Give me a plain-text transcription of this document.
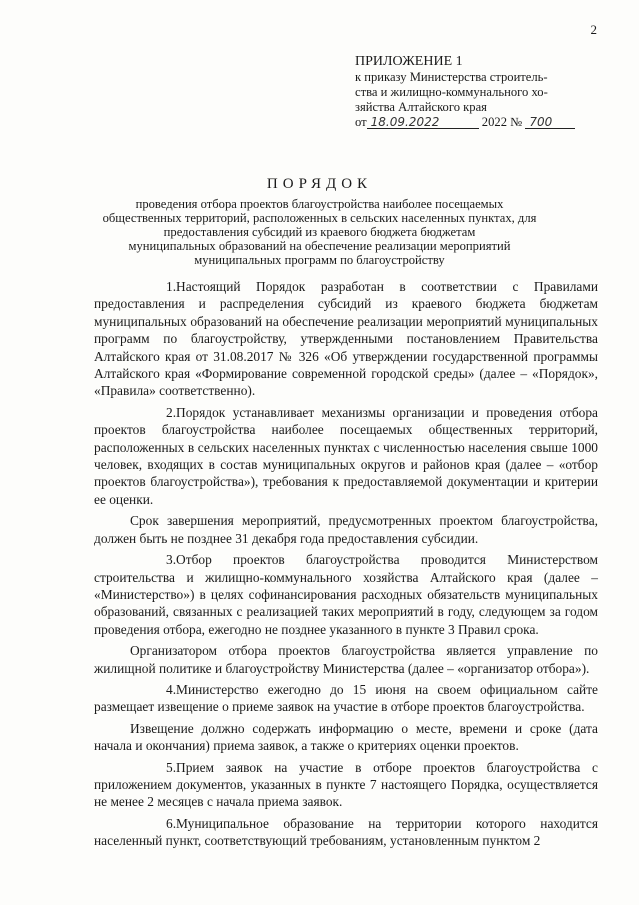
2
ПРИЛОЖЕНИЕ 1
к приказу Министерства строитель-
ства и жилищно-коммунального хо-
зяйства Алтайского края
от 18.09.2022	2022 № 700
ПОРЯДОК
проведения отбора проектов благоустройства наиболее посещаемых
общественных территорий, расположенных в сельских населенных пунктах, для
предоставления субсидий из краевого бюджета бюджетам
муниципальных образований на обеспечение реализации мероприятий
муниципальных программ по благоустройству

1.Настоящий Порядок разработан в соответствии с Правилами предоставления и распределения субсидий из краевого бюджета бюджетам муниципальных образований на обеспечение реализации мероприятий муниципальных программ по благоустройству, утвержденными постановлением Правительства Алтайского края от 31.08.2017 № 326 «Об утверждении государственной программы Алтайского края «Формирование современной городской среды» (далее – «Порядок», «Правила» соответственно).

2.Порядок устанавливает механизмы организации и проведения отбора проектов благоустройства наиболее посещаемых общественных территорий, расположенных в сельских населенных пунктах с численностью населения свыше 1000 человек, входящих в состав муниципальных округов и районов края (далее – «отбор проектов благоустройства»), требования к предоставляемой документации и критерии ее оценки.

Срок завершения мероприятий, предусмотренных проектом благоустройства, должен быть не позднее 31 декабря года предоставления субсидии.

3.Отбор проектов благоустройства проводится Министерством строительства и жилищно-коммунального хозяйства Алтайского края (далее – «Министерство») в целях софинансирования расходных обязательств муниципальных образований, связанных с реализацией таких мероприятий в году, следующем за годом проведения отбора, ежегодно не позднее указанного в пункте 3 Правил срока.

Организатором отбора проектов благоустройства является управление по жилищной политике и благоустройству Министерства (далее – «организатор отбора»).

4.Министерство ежегодно до 15 июня на своем официальном сайте размещает извещение о приеме заявок на участие в отборе проектов благоустройства.

Извещение должно содержать информацию о месте, времени и сроке (дата начала и окончания) приема заявок, а также о критериях оценки проектов.

5.Прием заявок на участие в отборе проектов благоустройства с приложением документов, указанных в пункте 7 настоящего Порядка, осуществляется не менее 2 месяцев с начала приема заявок.

6.Муниципальное образование на территории которого находится населенный пункт, соответствующий требованиям, установленным пунктом 2
